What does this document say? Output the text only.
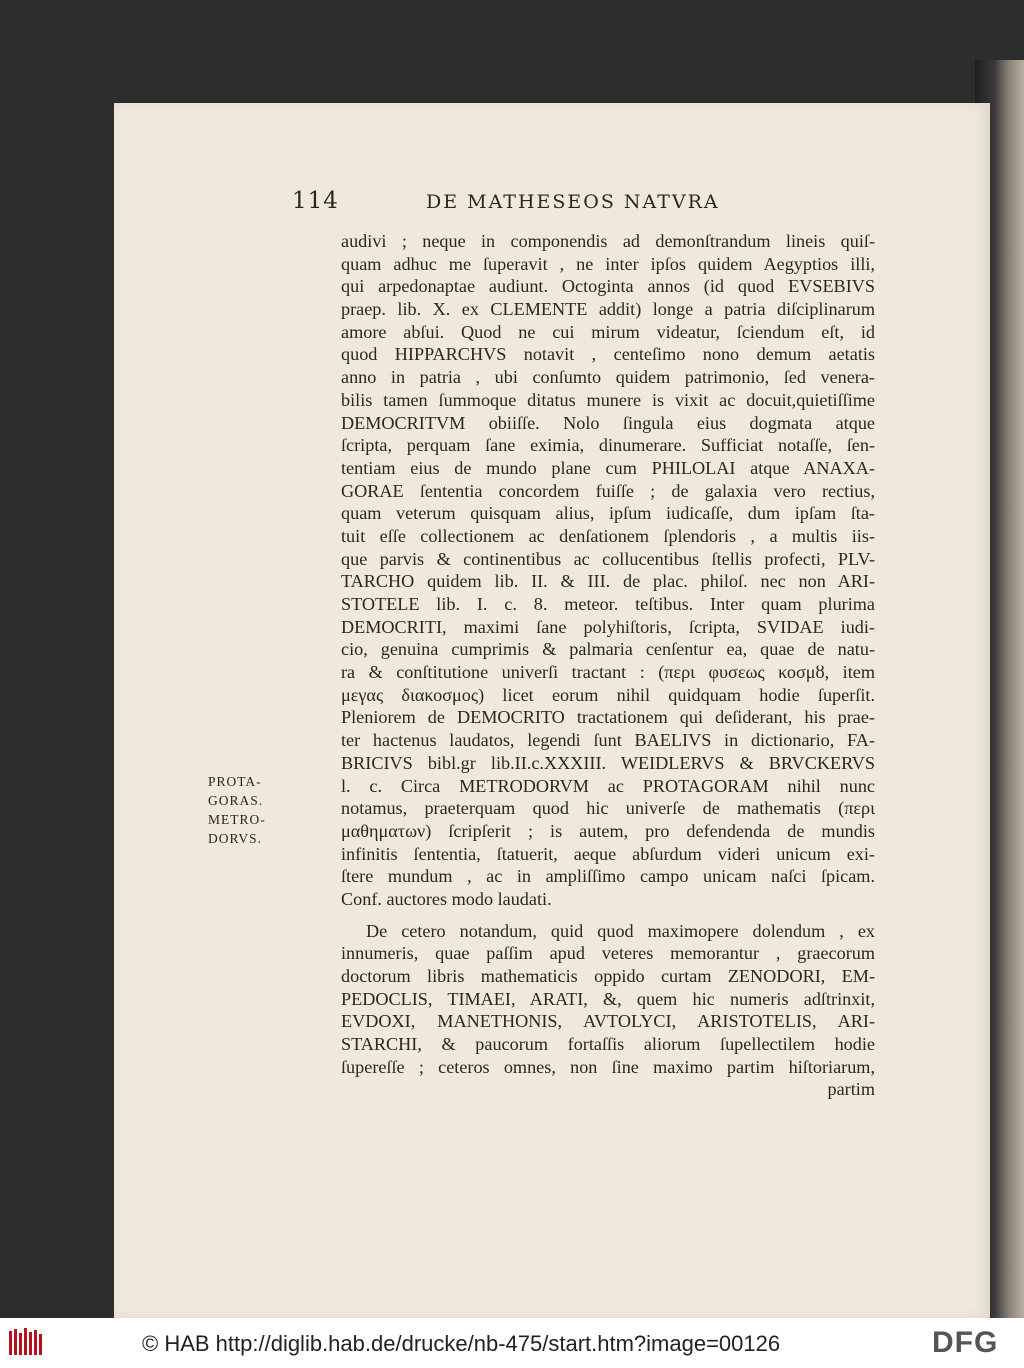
114	DE MATHESEOS NATVRA
PROTA-
GORAS.
METRO-
DORVS.
audivi ; neque in componendis ad demonſtrandum lineis quiſ-
quam adhuc me ſuperavit , ne inter ipſos quidem Aegyptios illi,
qui arpedonaptae audiunt. Octoginta annos (id quod EVSEBIVS
praep. lib. X. ex CLEMENTE addit) longe a patria diſciplinarum
amore abſui. Quod ne cui mirum videatur, ſciendum eſt, id
quod HIPPARCHVS notavit , centeſimo nono demum aetatis
anno in patria , ubi conſumto quidem patrimonio, ſed venera-
bilis tamen ſummoque ditatus munere is vixit ac docuit,quietiſſime
DEMOCRITVM obiiſſe. Nolo ſingula eius dogmata atque
ſcripta, perquam ſane eximia, dinumerare. Sufficiat notaſſe, ſen-
tentiam eius de mundo plane cum PHILOLAI atque ANAXA-
GORAE ſententia concordem fuiſſe ; de galaxia vero rectius,
quam veterum quisquam alius, ipſum iudicaſſe, dum ipſam ſta-
tuit eſſe collectionem ac denſationem ſplendoris , a multis iis-
que parvis & continentibus ac collucentibus ſtellis profecti, PLV-
TARCHO quidem lib. II. & III. de plac. philoſ. nec non ARI-
STOTELE lib. I. c. 8. meteor. teſtibus. Inter quam plurima
DEMOCRITI, maximi ſane polyhiſtoris, ſcripta, SVIDAE iudi-
cio, genuina cumprimis & palmaria cenſentur ea, quae de natu-
ra & conſtitutione univerſi tractant : (περι φυσεως κοσμȣ, item
μεγας διακοσμος) licet eorum nihil quidquam hodie ſuperſit.
Pleniorem de DEMOCRITO tractationem qui deſiderant, his praе-
ter hactenus laudatos, legendi ſunt BAELIVS in dictionario, FA-
BRICIVS bibl.gr lib.II.c.XXXIII. WEIDLERVS & BRVCKERVS
l. c. Circa METRODORVM ac PROTAGORAM nihil nunc
notamus, praeterquam quod hic univerſe de mathematis (περι
μαθηματων) ſcripſerit ; is autem, pro defendenda de mundis
infinitis ſententia, ſtatuerit, aeque abſurdum videri unicum exi-
ſtere mundum , ac in ampliſſimo campo unicam naſci ſpicam.
Conf. auctores modo laudati.
De cetero notandum, quid quod maximopere dolendum , ex
innumeris, quae paſſim apud veteres memorantur , graecorum
doctorum libris mathematicis oppido curtam ZENODORI, EM-
PEDOCLIS, TIMAEI, ARATI, &, quem hic numeris adſtrinxit,
EVDOXI, MANETHONIS, AVTOLYCI, ARISTOTELIS, ARI-
STARCHI, & paucorum fortaſſis aliorum ſupellectilem hodie
ſupereſſe ; ceteros omnes, non ſine maximo partim hiſtoriarum,
partim
© HAB http://diglib.hab.de/drucke/nb-475/start.htm?image=00126	DFG
